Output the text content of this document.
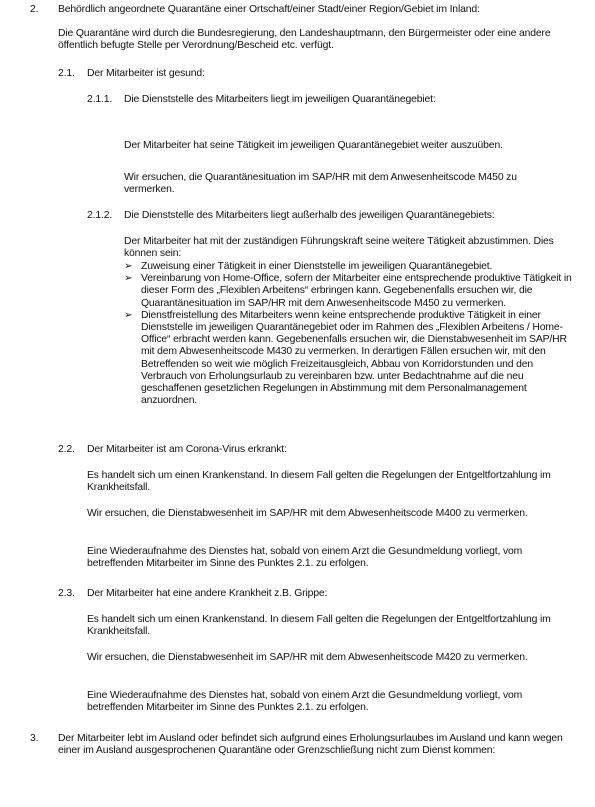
2. Behördlich angeordnete Quarantäne einer Ortschaft/einer Stadt/einer Region/Gebiet im Inland:
Die Quarantäne wird durch die Bundesregierung, den Landeshauptmann, den Bürgermeister oder eine andere öffentlich befugte Stelle per Verordnung/Bescheid etc. verfügt.
2.1. Der Mitarbeiter ist gesund:
2.1.1. Die Dienststelle des Mitarbeiters liegt im jeweiligen Quarantänegebiet:
Der Mitarbeiter hat seine Tätigkeit im jeweiligen Quarantänegebiet weiter auszuüben.
Wir ersuchen, die Quarantänesituation im SAP/HR mit dem Anwesenheitscode M450 zu vermerken.
2.1.2. Die Dienststelle des Mitarbeiters liegt außerhalb des jeweiligen Quarantänegebiets:
Der Mitarbeiter hat mit der zuständigen Führungskraft seine weitere Tätigkeit abzustimmen. Dies können sein:
➢ Zuweisung einer Tätigkeit in einer Dienststelle im jeweiligen Quarantänegebiet.
➢ Vereinbarung von Home-Office, sofern der Mitarbeiter eine entsprechende produktive Tätigkeit in dieser Form des „Flexiblen Arbeitens“ erbringen kann. Gegebenenfalls ersuchen wir, die Quarantänesituation im SAP/HR mit dem Anwesenheitscode M450 zu vermerken.
➢ Dienstfreistellung des Mitarbeiters wenn keine entsprechende produktive Tätigkeit in einer Dienststelle im jeweiligen Quarantänegebiet oder im Rahmen des „Flexiblen Arbeitens / Home-Office“ erbracht werden kann. Gegebenenfalls ersuchen wir, die Dienstabwesenheit im SAP/HR mit dem Abwesenheitscode M430 zu vermerken. In derartigen Fällen ersuchen wir, mit den Betreffenden so weit wie möglich Freizeitausgleich, Abbau von Korridorstunden und den Verbrauch von Erholungsurlaub zu vereinbaren bzw. unter Bedachtnahme auf die neu geschaffenen gesetzlichen Regelungen in Abstimmung mit dem Personalmanagement anzuordnen.
2.2. Der Mitarbeiter ist am Corona-Virus erkrankt:
Es handelt sich um einen Krankenstand. In diesem Fall gelten die Regelungen der Entgeltfortzahlung im Krankheitsfall.
Wir ersuchen, die Dienstabwesenheit im SAP/HR mit dem Abwesenheitscode M400 zu vermerken.
Eine Wiederaufnahme des Dienstes hat, sobald von einem Arzt die Gesundmeldung vorliegt, vom betreffenden Mitarbeiter im Sinne des Punktes 2.1. zu erfolgen.
2.3. Der Mitarbeiter hat eine andere Krankheit z.B. Grippe:
Es handelt sich um einen Krankenstand. In diesem Fall gelten die Regelungen der Entgeltfortzahlung im Krankheitsfall.
Wir ersuchen, die Dienstabwesenheit im SAP/HR mit dem Abwesenheitscode M420 zu vermerken.
Eine Wiederaufnahme des Dienstes hat, sobald von einem Arzt die Gesundmeldung vorliegt, vom betreffenden Mitarbeiter im Sinne des Punktes 2.1. zu erfolgen.
3. Der Mitarbeiter lebt im Ausland oder befindet sich aufgrund eines Erholungsurlaubes im Ausland und kann wegen einer im Ausland ausgesprochenen Quarantäne oder Grenzschließung nicht zum Dienst kommen:
